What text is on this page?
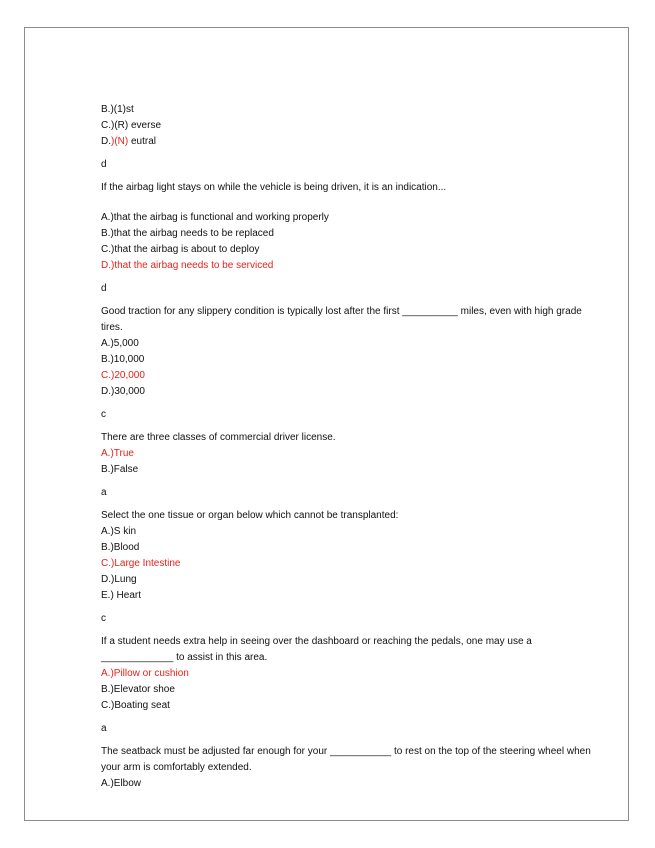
B.)(1)st
C.)(R) everse
D.)(N) eutral
d
If the airbag light stays on while the vehicle is being driven, it is an indication...
A.)that the airbag is functional and working properly
B.)that the airbag needs to be replaced
C.)that the airbag is about to deploy
D.)that the airbag needs to be serviced
d
Good traction for any slippery condition is typically lost after the first __________ miles, even with high grade tires.
A.)5,000
B.)10,000
C.)20,000
D.)30,000
c
There are three classes of commercial driver license.
A.)True
B.)False
a
Select the one tissue or organ below which cannot be transplanted:
A.)S kin
B.)Blood
C.)Large Intestine
D.)Lung
E.) Heart
c
If a student needs extra help in seeing over the dashboard or reaching the pedals, one may use a
_____________ to assist in this area.
A.)Pillow or cushion
B.)Elevator shoe
C.)Boating seat
a
The seatback must be adjusted far enough for your ___________ to rest on the top of the steering wheel when your arm is comfortably extended.
A.)Elbow
